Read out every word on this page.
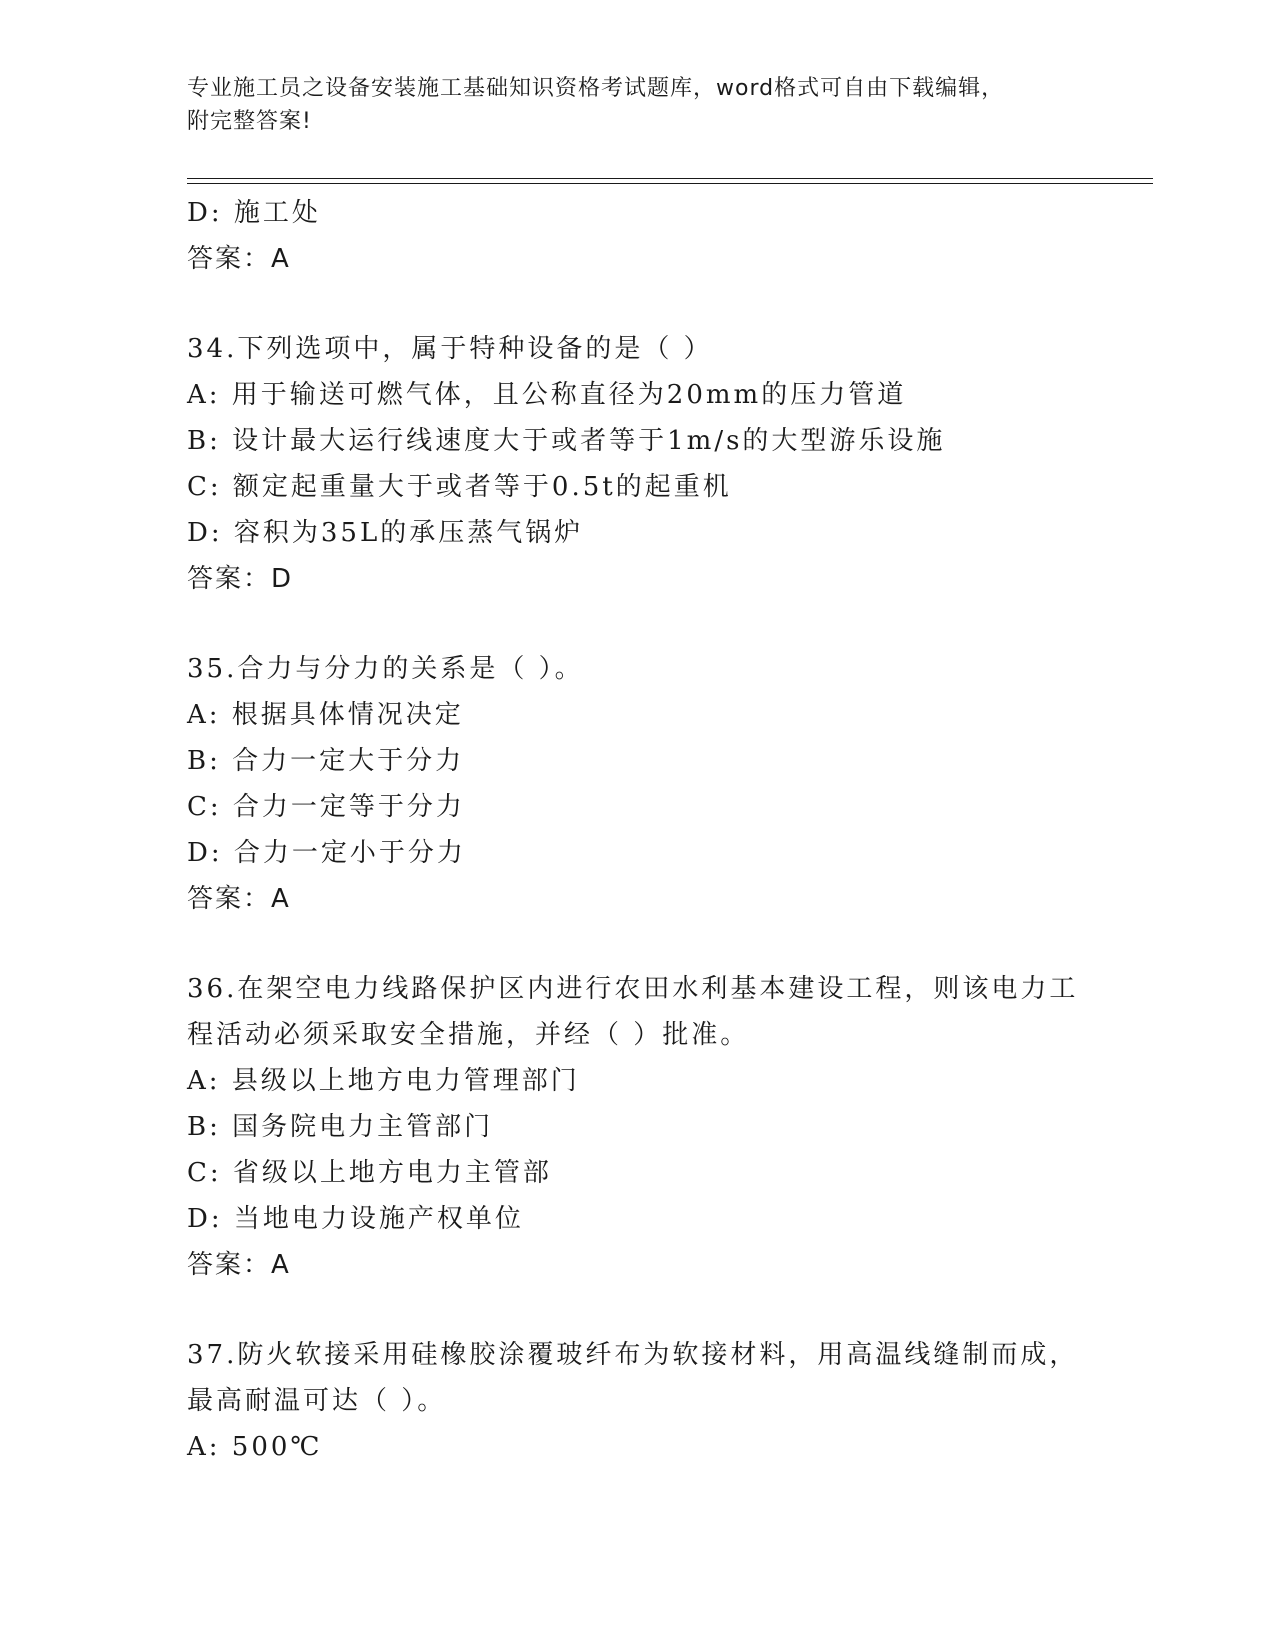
专业施工员之设备安装施工基础知识资格考试题库，word格式可自由下载编辑，
附完整答案!
D: 施工处
答案：A
34.下列选项中，属于特种设备的是（ ）
A: 用于输送可燃气体，且公称直径为20mm的压力管道
B: 设计最大运行线速度大于或者等于1m/s的大型游乐设施
C: 额定起重量大于或者等于0.5t的起重机
D: 容积为35L的承压蒸气锅炉
答案：D
35.合力与分力的关系是（ ）。
A: 根据具体情况决定
B: 合力一定大于分力
C: 合力一定等于分力
D: 合力一定小于分力
答案：A
36.在架空电力线路保护区内进行农田水利基本建设工程，则该电力工
程活动必须采取安全措施，并经（ ）批准。
A: 县级以上地方电力管理部门
B: 国务院电力主管部门
C: 省级以上地方电力主管部
D: 当地电力设施产权单位
答案：A
37.防火软接采用硅橡胶涂覆玻纤布为软接材料，用高温线缝制而成，
最高耐温可达（ ）。
A: 500℃
